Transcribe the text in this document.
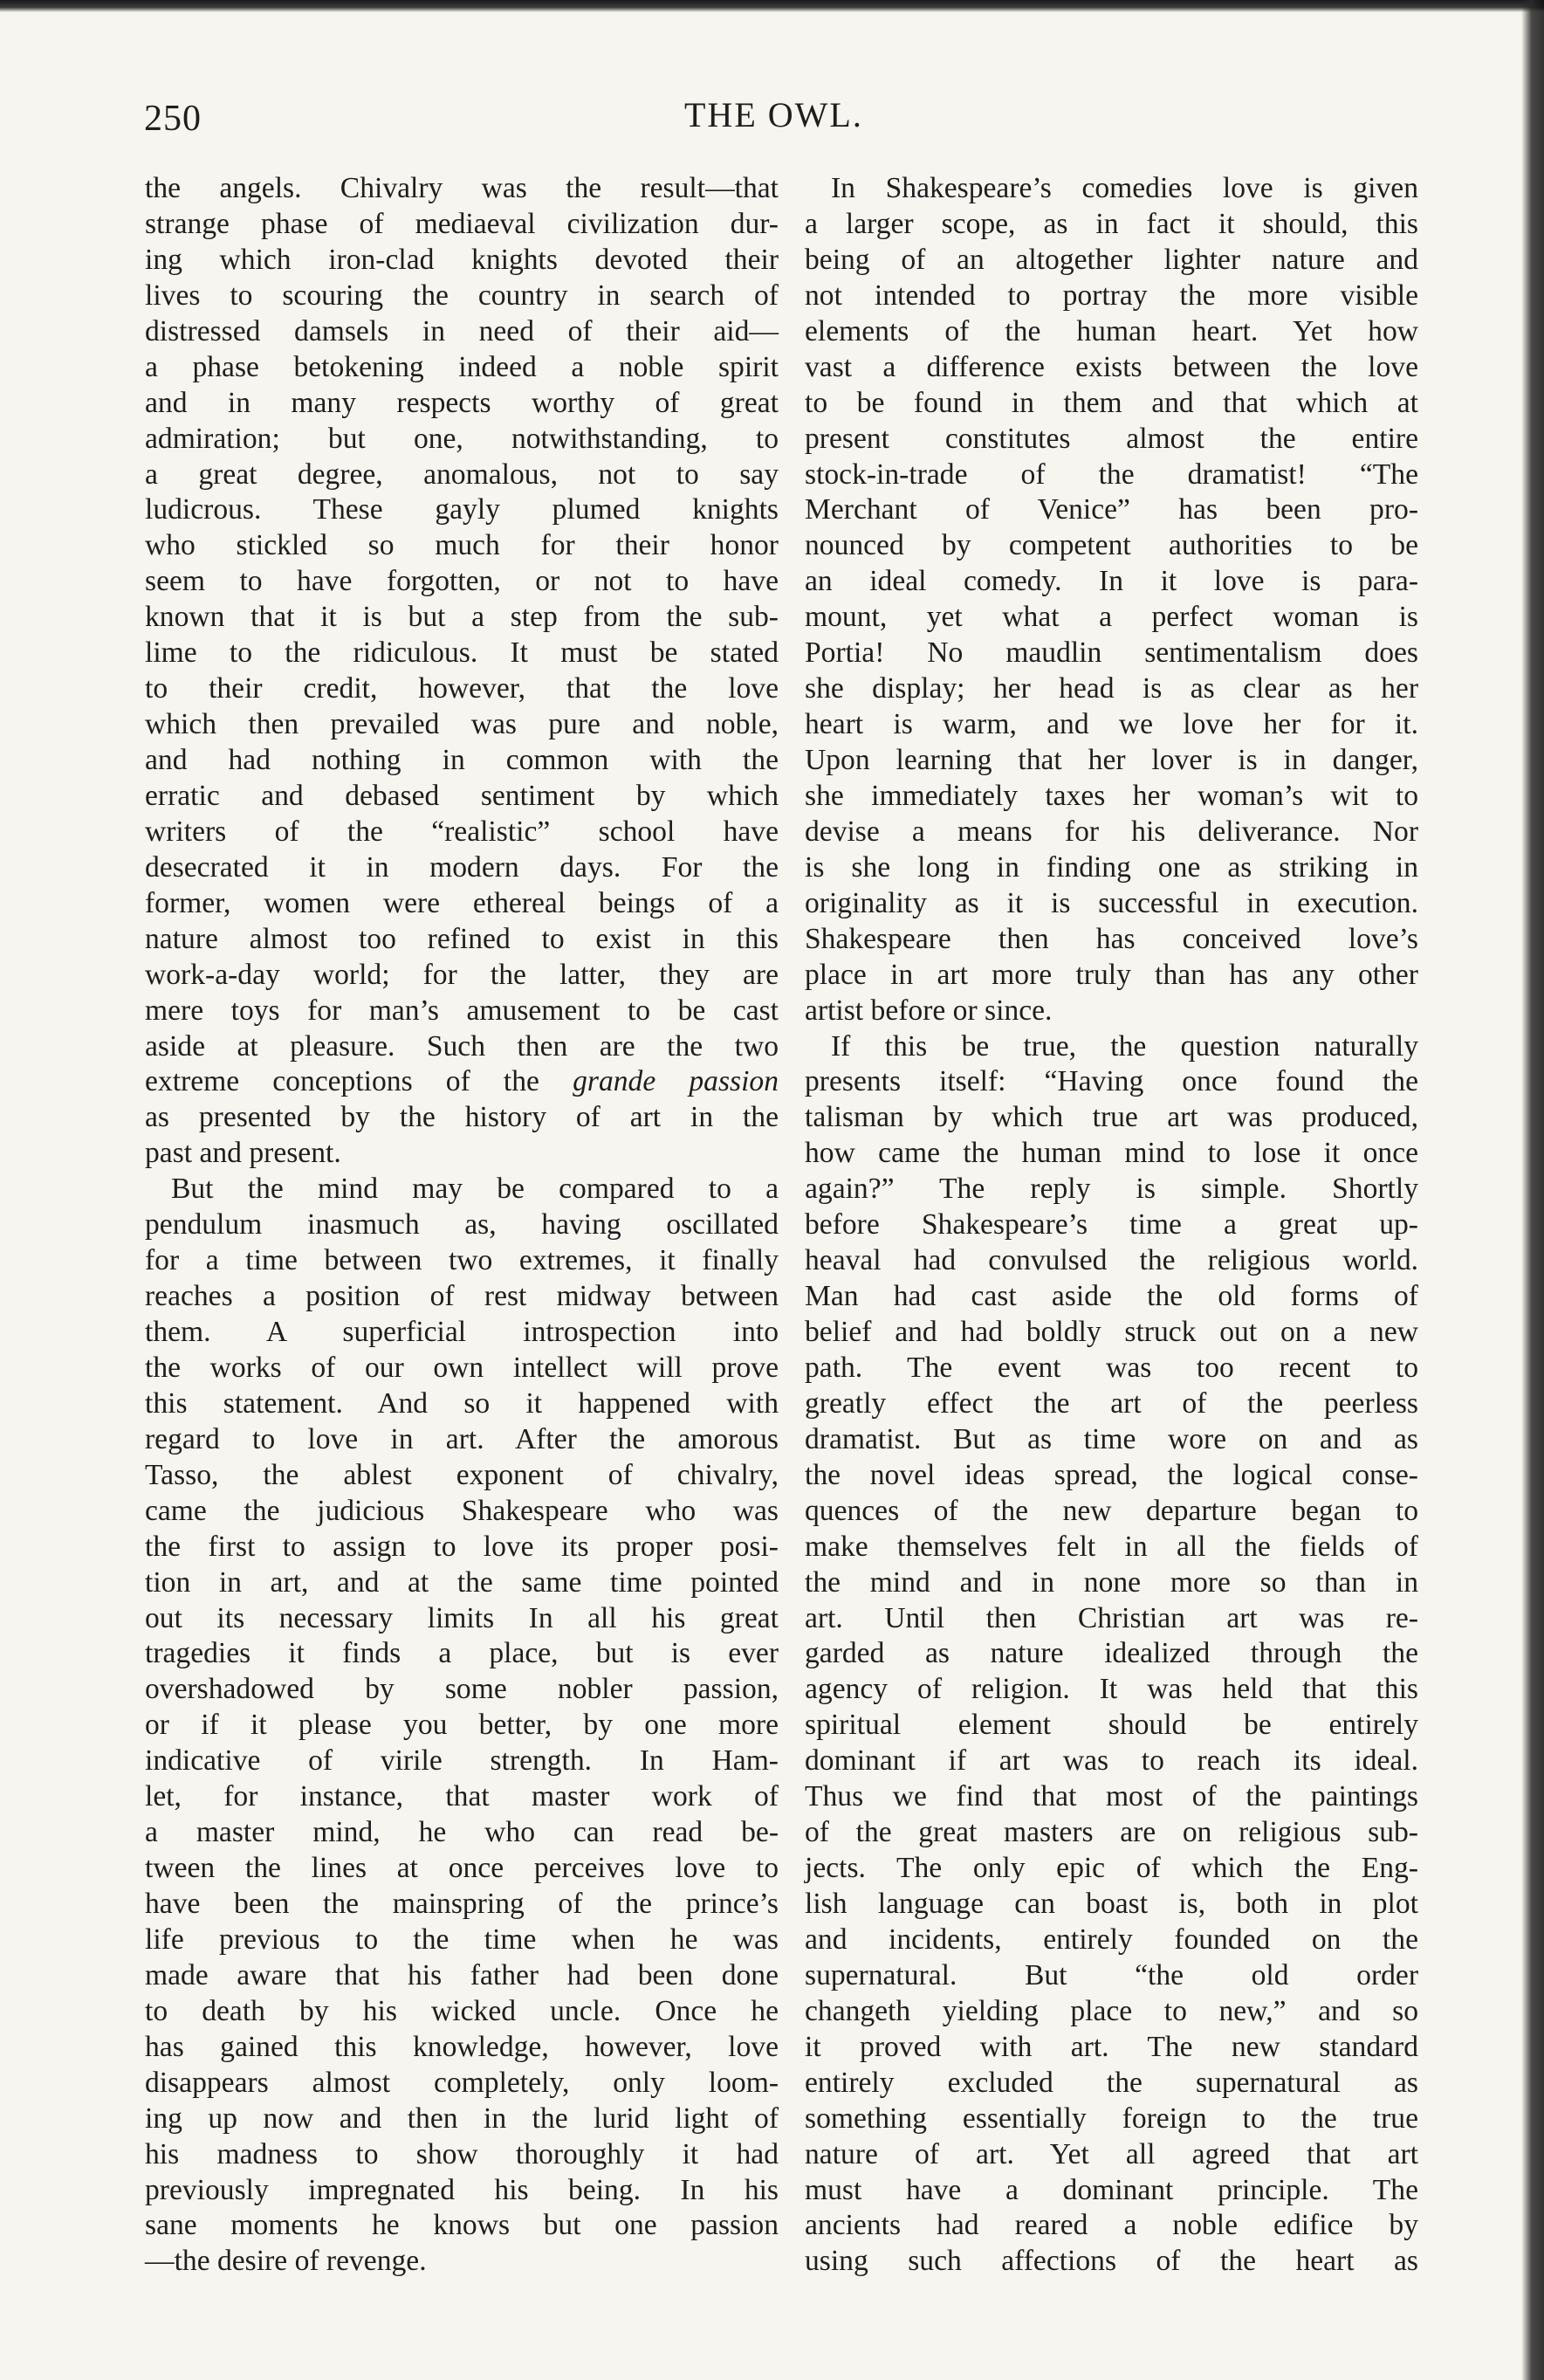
250	THE OWL.
the angels. Chivalry was the result—that
strange phase of mediaeval civilization dur-
ing which iron-clad knights devoted their
lives to scouring the country in search of
distressed damsels in need of their aid—
a phase betokening indeed a noble spirit
and in many respects worthy of great
admiration; but one, notwithstanding, to
a great degree, anomalous, not to say
ludicrous. These gayly plumed knights
who stickled so much for their honor
seem to have forgotten, or not to have
known that it is but a step from the sub-
lime to the ridiculous. It must be stated
to their credit, however, that the love
which then prevailed was pure and noble,
and had nothing in common with the
erratic and debased sentiment by which
writers of the “realistic” school have
desecrated it in modern days. For the
former, women were ethereal beings of a
nature almost too refined to exist in this
work-a-day world; for the latter, they are
mere toys for man’s amusement to be cast
aside at pleasure. Such then are the two
extreme conceptions of the grande passion
as presented by the history of art in the
past and present.
But the mind may be compared to a
pendulum inasmuch as, having oscillated
for a time between two extremes, it finally
reaches a position of rest midway between
them. A superficial introspection into
the works of our own intellect will prove
this statement. And so it happened with
regard to love in art. After the amorous
Tasso, the ablest exponent of chivalry,
came the judicious Shakespeare who was
the first to assign to love its proper posi-
tion in art, and at the same time pointed
out its necessary limits In all his great
tragedies it finds a place, but is ever
overshadowed by some nobler passion,
or if it please you better, by one more
indicative of virile strength. In Ham-
let, for instance, that master work of
a master mind, he who can read be-
tween the lines at once perceives love to
have been the mainspring of the prince’s
life previous to the time when he was
made aware that his father had been done
to death by his wicked uncle. Once he
has gained this knowledge, however, love
disappears almost completely, only loom-
ing up now and then in the lurid light of
his madness to show thoroughly it had
previously impregnated his being. In his
sane moments he knows but one passion
—the desire of revenge.
In Shakespeare’s comedies love is given
a larger scope, as in fact it should, this
being of an altogether lighter nature and
not intended to portray the more visible
elements of the human heart. Yet how
vast a difference exists between the love
to be found in them and that which at
present constitutes almost the entire
stock-in-trade of the dramatist! “The
Merchant of Venice” has been pro-
nounced by competent authorities to be
an ideal comedy. In it love is para-
mount, yet what a perfect woman is
Portia! No maudlin sentimentalism does
she display; her head is as clear as her
heart is warm, and we love her for it.
Upon learning that her lover is in danger,
she immediately taxes her woman’s wit to
devise a means for his deliverance. Nor
is she long in finding one as striking in
originality as it is successful in execution.
Shakespeare then has conceived love’s
place in art more truly than has any other
artist before or since.
If this be true, the question naturally
presents itself: “Having once found the
talisman by which true art was produced,
how came the human mind to lose it once
again?” The reply is simple. Shortly
before Shakespeare’s time a great up-
heaval had convulsed the religious world.
Man had cast aside the old forms of
belief and had boldly struck out on a new
path. The event was too recent to
greatly effect the art of the peerless
dramatist. But as time wore on and as
the novel ideas spread, the logical conse-
quences of the new departure began to
make themselves felt in all the fields of
the mind and in none more so than in
art. Until then Christian art was re-
garded as nature idealized through the
agency of religion. It was held that this
spiritual element should be entirely
dominant if art was to reach its ideal.
Thus we find that most of the paintings
of the great masters are on religious sub-
jects. The only epic of which the Eng-
lish language can boast is, both in plot
and incidents, entirely founded on the
supernatural. But “the old order
changeth yielding place to new,” and so
it proved with art. The new standard
entirely excluded the supernatural as
something essentially foreign to the true
nature of art. Yet all agreed that art
must have a dominant principle. The
ancients had reared a noble edifice by
using such affections of the heart as
